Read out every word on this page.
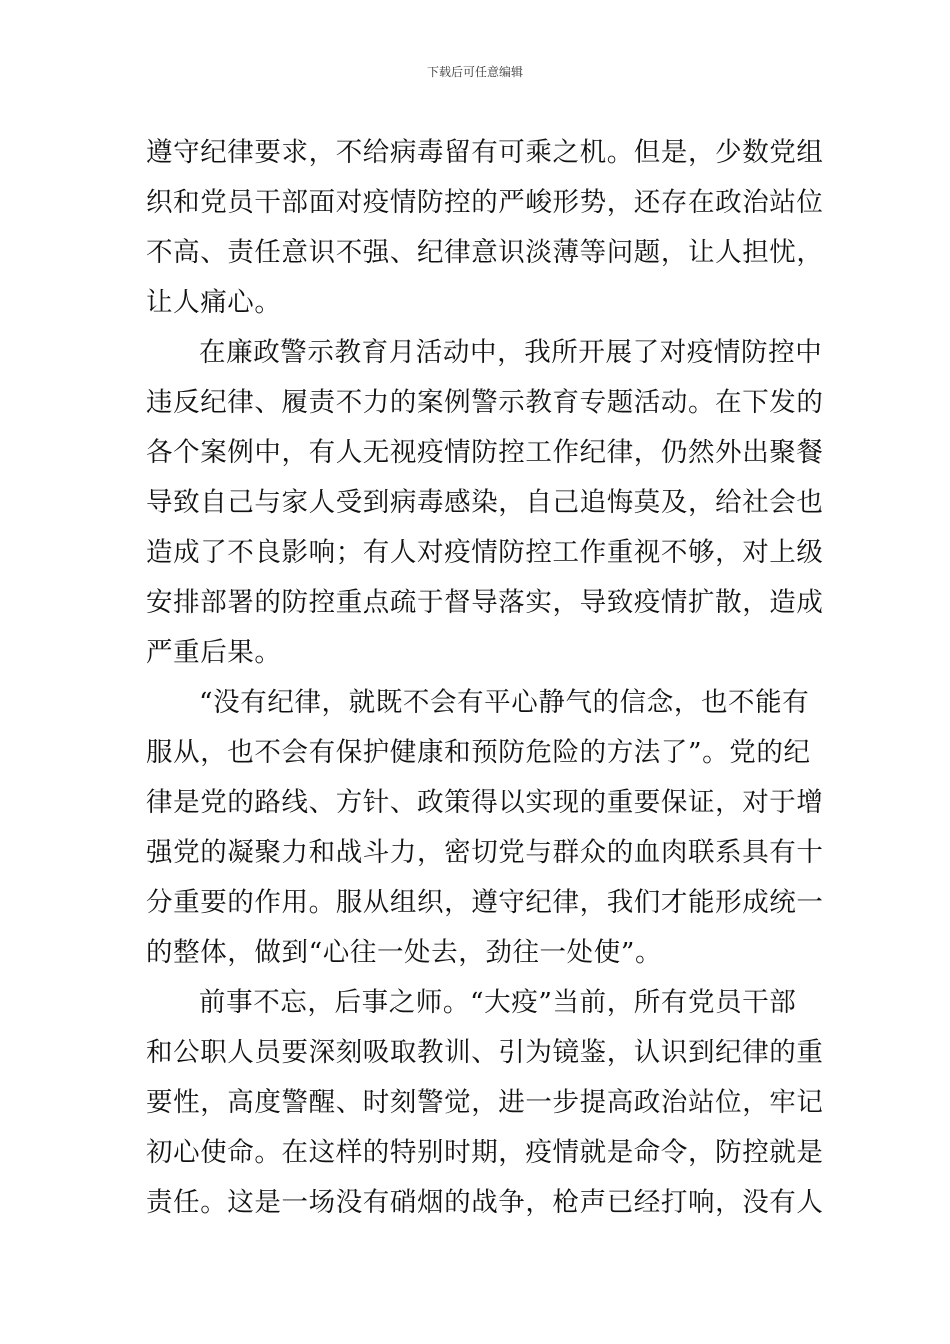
下载后可任意编辑
遵守纪律要求，不给病毒留有可乘之机。但是，少数党组
织和党员干部面对疫情防控的严峻形势，还存在政治站位
不高、责任意识不强、纪律意识淡薄等问题，让人担忧，
让人痛心。
在廉政警示教育月活动中，我所开展了对疫情防控中
违反纪律、履责不力的案例警示教育专题活动。在下发的
各个案例中，有人无视疫情防控工作纪律，仍然外出聚餐
导致自己与家人受到病毒感染，自己追悔莫及，给社会也
造成了不良影响；有人对疫情防控工作重视不够，对上级
安排部署的防控重点疏于督导落实，导致疫情扩散，造成
严重后果。
“没有纪律，就既不会有平心静气的信念，也不能有
服从，也不会有保护健康和预防危险的方法了”。党的纪
律是党的路线、方针、政策得以实现的重要保证，对于增
强党的凝聚力和战斗力，密切党与群众的血肉联系具有十
分重要的作用。服从组织，遵守纪律，我们才能形成统一
的整体，做到“心往一处去，劲往一处使”。
前事不忘，后事之师。“大疫”当前，所有党员干部
和公职人员要深刻吸取教训、引为镜鉴，认识到纪律的重
要性，高度警醒、时刻警觉，进一步提高政治站位，牢记
初心使命。在这样的特别时期，疫情就是命令，防控就是
责任。这是一场没有硝烟的战争，枪声已经打响，没有人
